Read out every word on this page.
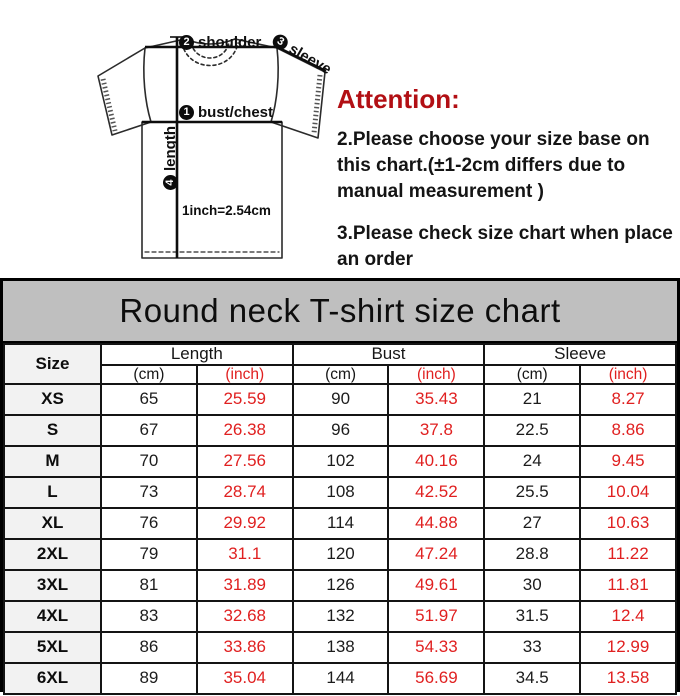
2 shoulder	3 sleeve
1 bust/chest
4
length
1inch=2.54cm
Attention:

2.Please choose your size base on this chart.(±1-2cm differs due to manual measurement )

3.Please check size chart when place an order

Round neck T-shirt size chart
Size	Length		Bust		Sleeve	
	(cm)	(inch)	(cm)	(inch)	(cm)	(inch)
XS	65	25.59	90	35.43	21	8.27
S	67	26.38	96	37.8	22.5	8.86
M	70	27.56	102	40.16	24	9.45
L	73	28.74	108	42.52	25.5	10.04
XL	76	29.92	114	44.88	27	10.63
2XL	79	31.1	120	47.24	28.8	11.22
3XL	81	31.89	126	49.61	30	11.81
4XL	83	32.68	132	51.97	31.5	12.4
5XL	86	33.86	138	54.33	33	12.99
6XL	89	35.04	144	56.69	34.5	13.58
